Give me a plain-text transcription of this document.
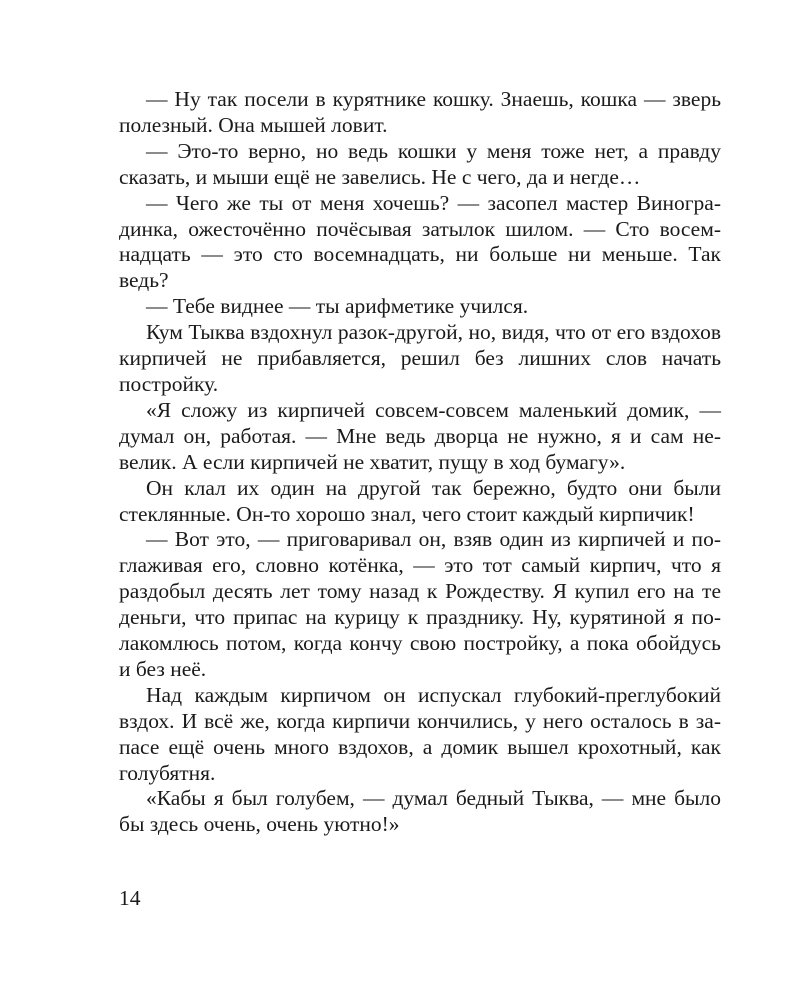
— Ну так посели в курятнике кошку. Знаешь, кошка — зверь полезный. Она мышей ловит.

— Это-то верно, но ведь кошки у меня тоже нет, а правду сказать, и мыши ещё не завелись. Не с чего, да и негде…

— Чего же ты от меня хочешь? — засопел мастер Виноградинка, ожесточённо почёсывая затылок шилом. — Сто восемнадцать — это сто восемнадцать, ни больше ни меньше. Так ведь?

— Тебе виднее — ты арифметике учился.

Кум Тыква вздохнул разок-другой, но, видя, что от его вздохов кирпичей не прибавляется, решил без лишних слов начать постройку.

«Я сложу из кирпичей совсем-совсем маленький домик, — думал он, работая. — Мне ведь дворца не нужно, я и сам невелик. А если кирпичей не хватит, пущу в ход бумагу».

Он клал их один на другой так бережно, будто они были стеклянные. Он-то хорошо знал, чего стоит каждый кирпичик!

— Вот это, — приговаривал он, взяв один из кирпичей и поглаживая его, словно котёнка, — это тот самый кирпич, что я раздобыл десять лет тому назад к Рождеству. Я купил его на те деньги, что припас на курицу к празднику. Ну, курятиной я полакомлюсь потом, когда кончу свою постройку, а пока обойдусь и без неё.

Над каждым кирпичом он испускал глубокий-преглубокий вздох. И всё же, когда кирпичи кончились, у него осталось в запасе ещё очень много вздохов, а домик вышел крохотный, как голубятня.

«Кабы я был голубем, — думал бедный Тыква, — мне было бы здесь очень, очень уютно!»

14
